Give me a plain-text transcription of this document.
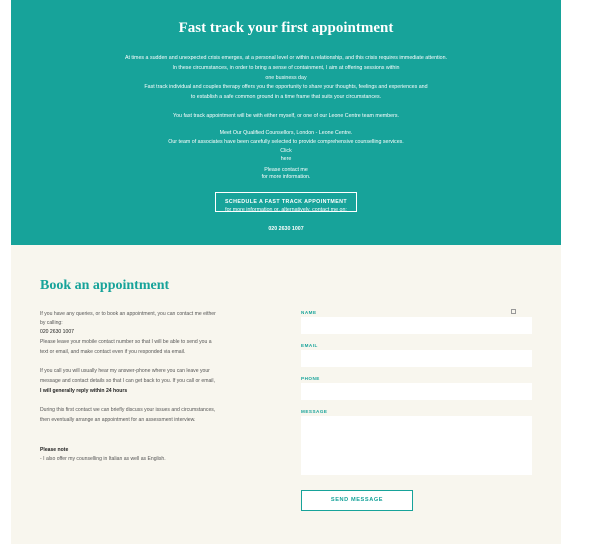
Fast track your first appointment
At times a sudden and unexpected crisis emerges, at a personal level or within a relationship, and this crisis requires immediate attention.
In these circumstances, in order to bring a sense of containment, I aim at offering sessions within
one business day
Fast track individual and couples therapy offers you the opportunity to share your thoughts, feelings and experiences and
to establish a safe common ground in a time frame that suits your circumstances.
You fast track appointment will be with either myself, or one of our Leone Centre team members.
Meet Our Qualified Counsellors, London - Leone Centre.
Our team of associates have been carefully selected to provide comprehensive counselling services.
Click
here
Please contact me
for more information.
SCHEDULE A FAST TRACK APPOINTMENT
for more information or, alternatively, contact me on:
020 2630 1007
Book an appointment
If you have any queries, or to book an appointment, you can contact me either
by calling:
020 2630 1007
Please leave your mobile contact number so that I will be able to send you a
text or email, and make contact even if you responded via email.
If you call you will usually hear my answer-phone where you can leave your
message and contact details so that I can get back to you. If you call or email,
I will generally reply within 24 hours
During this first contact we can briefly discuss your issues and circumstances,
then eventually arrange an appointment for an assessment interview.
Please note
- I also offer my counselling in Italian as well as English.
NAME
EMAIL
PHONE
MESSAGE
SEND MESSAGE
